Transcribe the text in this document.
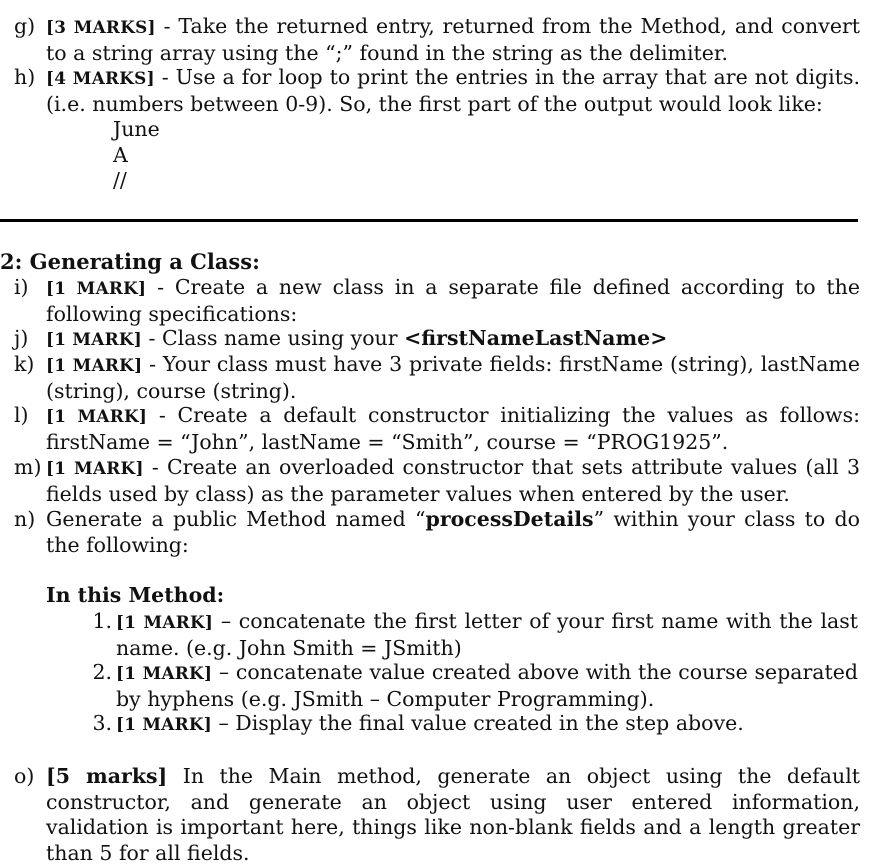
g) [3 MARKS] - Take the returned entry, returned from the Method, and convert to a string array using the “;” found in the string as the delimiter.
h) [4 MARKS] - Use a for loop to print the entries in the array that are not digits. (i.e. numbers between 0-9). So, the first part of the output would look like:
June
A
//
2: Generating a Class:
i)	[1 MARK] - Create a new class in a separate file defined according to the following specifications:
j)	[1 MARK] - Class name using your <firstNameLastName>
k) [1 MARK] - Your class must have 3 private fields: firstName (string), lastName (string), course (string).
l)	[1 MARK] - Create a default constructor initializing the values as follows: firstName = “John”, lastName = “Smith”, course = “PROG1925”.
m) [1 MARK] - Create an overloaded constructor that sets attribute values (all 3 fields used by class) as the parameter values when entered by the user.
n) Generate a public Method named “processDetails” within your class to do the following:
In this Method:
1. [1 MARK] – concatenate the first letter of your first name with the last name. (e.g. John Smith = JSmith)
2. [1 MARK] – concatenate value created above with the course separated by hyphens (e.g. JSmith – Computer Programming).
3. [1 MARK] – Display the final value created in the step above.
o) [5 marks] In the Main method, generate an object using the default constructor, and generate an object using user entered information, validation is important here, things like non-blank fields and a length greater than 5 for all fields.
